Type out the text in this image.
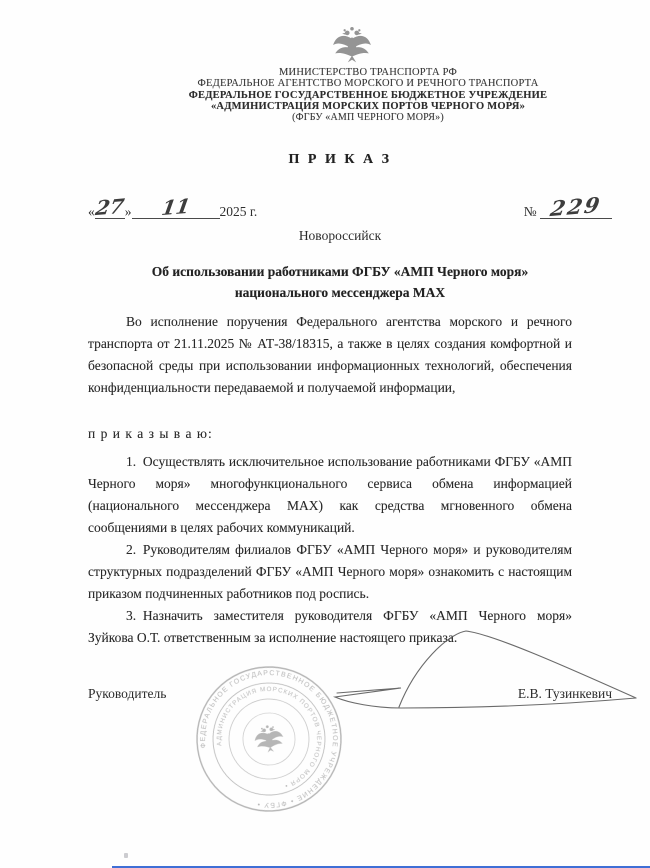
МИНИСТЕРСТВО ТРАНСПОРТА РФ
ФЕДЕРАЛЬНОЕ АГЕНТСТВО МОРСКОГО И РЕЧНОГО ТРАНСПОРТА
ФЕДЕРАЛЬНОЕ ГОСУДАРСТВЕННОЕ БЮДЖЕТНОЕ УЧРЕЖДЕНИЕ
«АДМИНИСТРАЦИЯ МОРСКИХ ПОРТОВ ЧЕРНОГО МОРЯ»
(ФГБУ «АМП ЧЕРНОГО МОРЯ»)
П Р И К А З
«27» 11 2025 г.	№ 229
Новороссийск
Об использовании работниками ФГБУ «АМП Черного моря»
национального мессенджера MAX

Во исполнение поручения Федерального агентства морского и речного транспорта от 21.11.2025 № АТ-38/18315, а также в целях создания комфортной и безопасной среды при использовании информационных технологий, обеспечения конфиденциальности передаваемой и получаемой информации,

п р и к а з ы в а ю:

1.  Осуществлять исключительное использование работниками ФГБУ «АМП Черного моря» многофункционального сервиса обмена информацией (национального мессенджера MAX) как средства мгновенного обмена сообщениями в целях рабочих коммуникаций.

2.  Руководителям филиалов ФГБУ «АМП Черного моря» и руководителям структурных подразделений ФГБУ «АМП Черного моря» ознакомить с настоящим приказом подчиненных работников под роспись.

3.  Назначить заместителя руководителя ФГБУ «АМП Черного моря» Зуйкова О.Т. ответственным за исполнение настоящего приказа.

ФЕДЕРАЛЬНОЕ ГОСУДАРСТВЕННОЕ БЮДЖЕТНОЕ УЧРЕЖДЕНИЕ • ФГБУ •
АДМИНИСТРАЦИЯ МОРСКИХ ПОРТОВ ЧЕРНОГО МОРЯ •
Руководитель	Е.В. Тузинкевич
